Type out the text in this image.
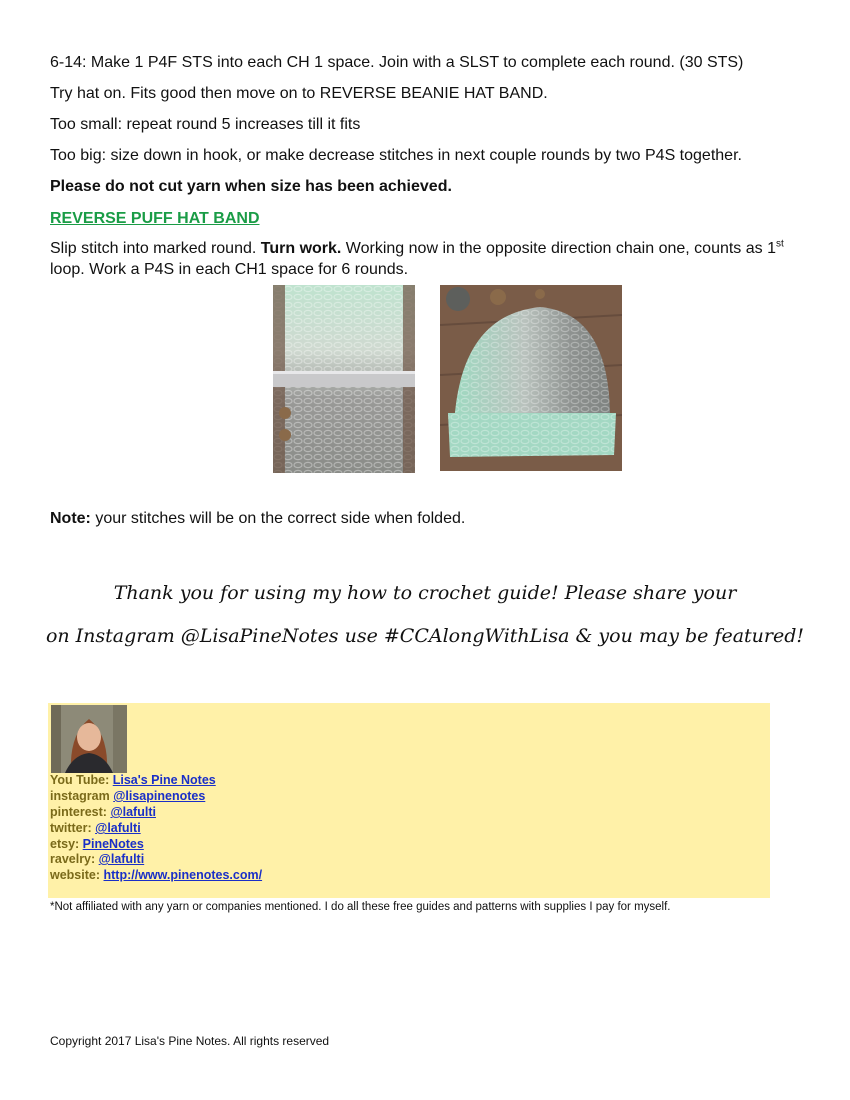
6-14: Make 1 P4F STS into each CH 1 space. Join with a SLST to complete each round. (30 STS)
Try hat on. Fits good then move on to REVERSE BEANIE HAT BAND.
Too small: repeat round 5 increases till it fits
Too big: size down in hook, or make decrease stitches in next couple rounds by two P4S together.
Please do not cut yarn when size has been achieved.
REVERSE PUFF HAT BAND
Slip stitch into marked round. Turn work. Working now in the opposite direction chain one, counts as 1st loop. Work a P4S in each CH1 space for 6 rounds.
Note: your stitches will be on the correct side when folded.
Thank you for using my how to crochet guide! Please share your
on Instagram @LisaPineNotes use #CCAlongWithLisa & you may be featured!
You Tube: Lisa's Pine Notes
instagram @lisapinenotes
pinterest: @lafulti
twitter: @lafulti
etsy: PineNotes
ravelry: @lafulti
website: http://www.pinenotes.com/
*Not affiliated with any yarn or companies mentioned. I do all these free guides and patterns with supplies I pay for myself.
Copyright 2017 Lisa's Pine Notes. All rights reserved
